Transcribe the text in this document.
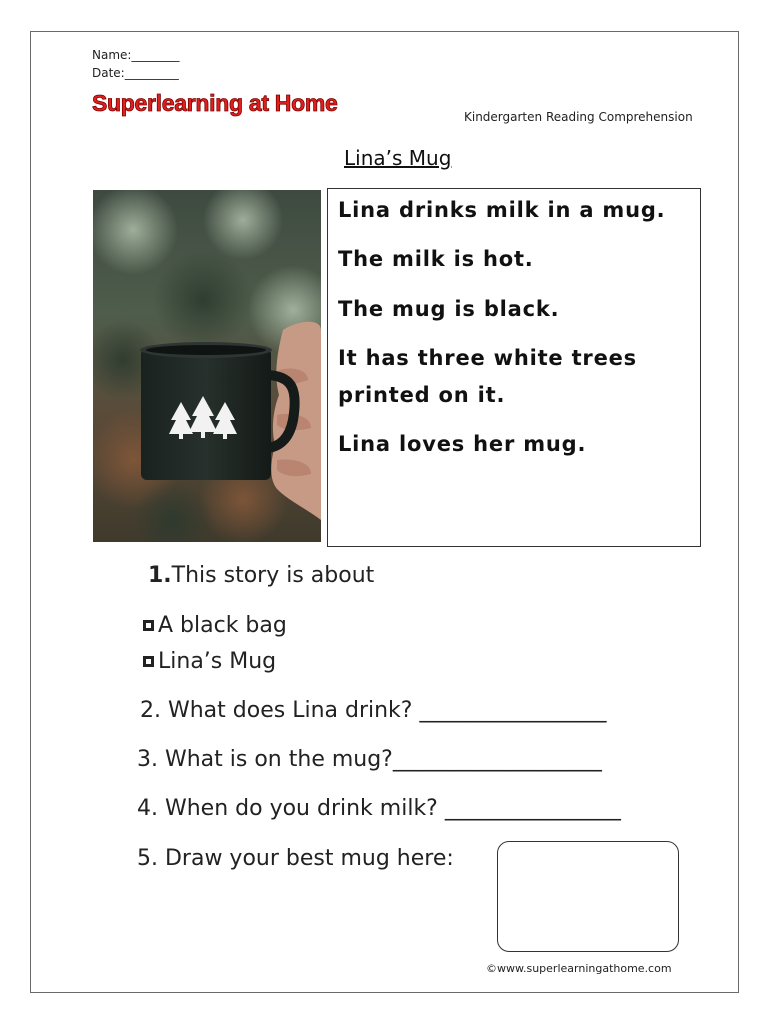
Name:________
Date:_________
Superlearning at Home
Kindergarten Reading Comprehension
Lina’s Mug
Lina drinks milk in a mug.
The milk is hot.
The mug is black.
It has three white trees
printed on it.
Lina loves her mug.
1.This story is about
A black bag
Lina’s Mug
2. What does Lina drink? _________________
3. What is on the mug?___________________
4. When do you drink milk? ________________
5. Draw your best mug here:
©www.superlearningathome.com
